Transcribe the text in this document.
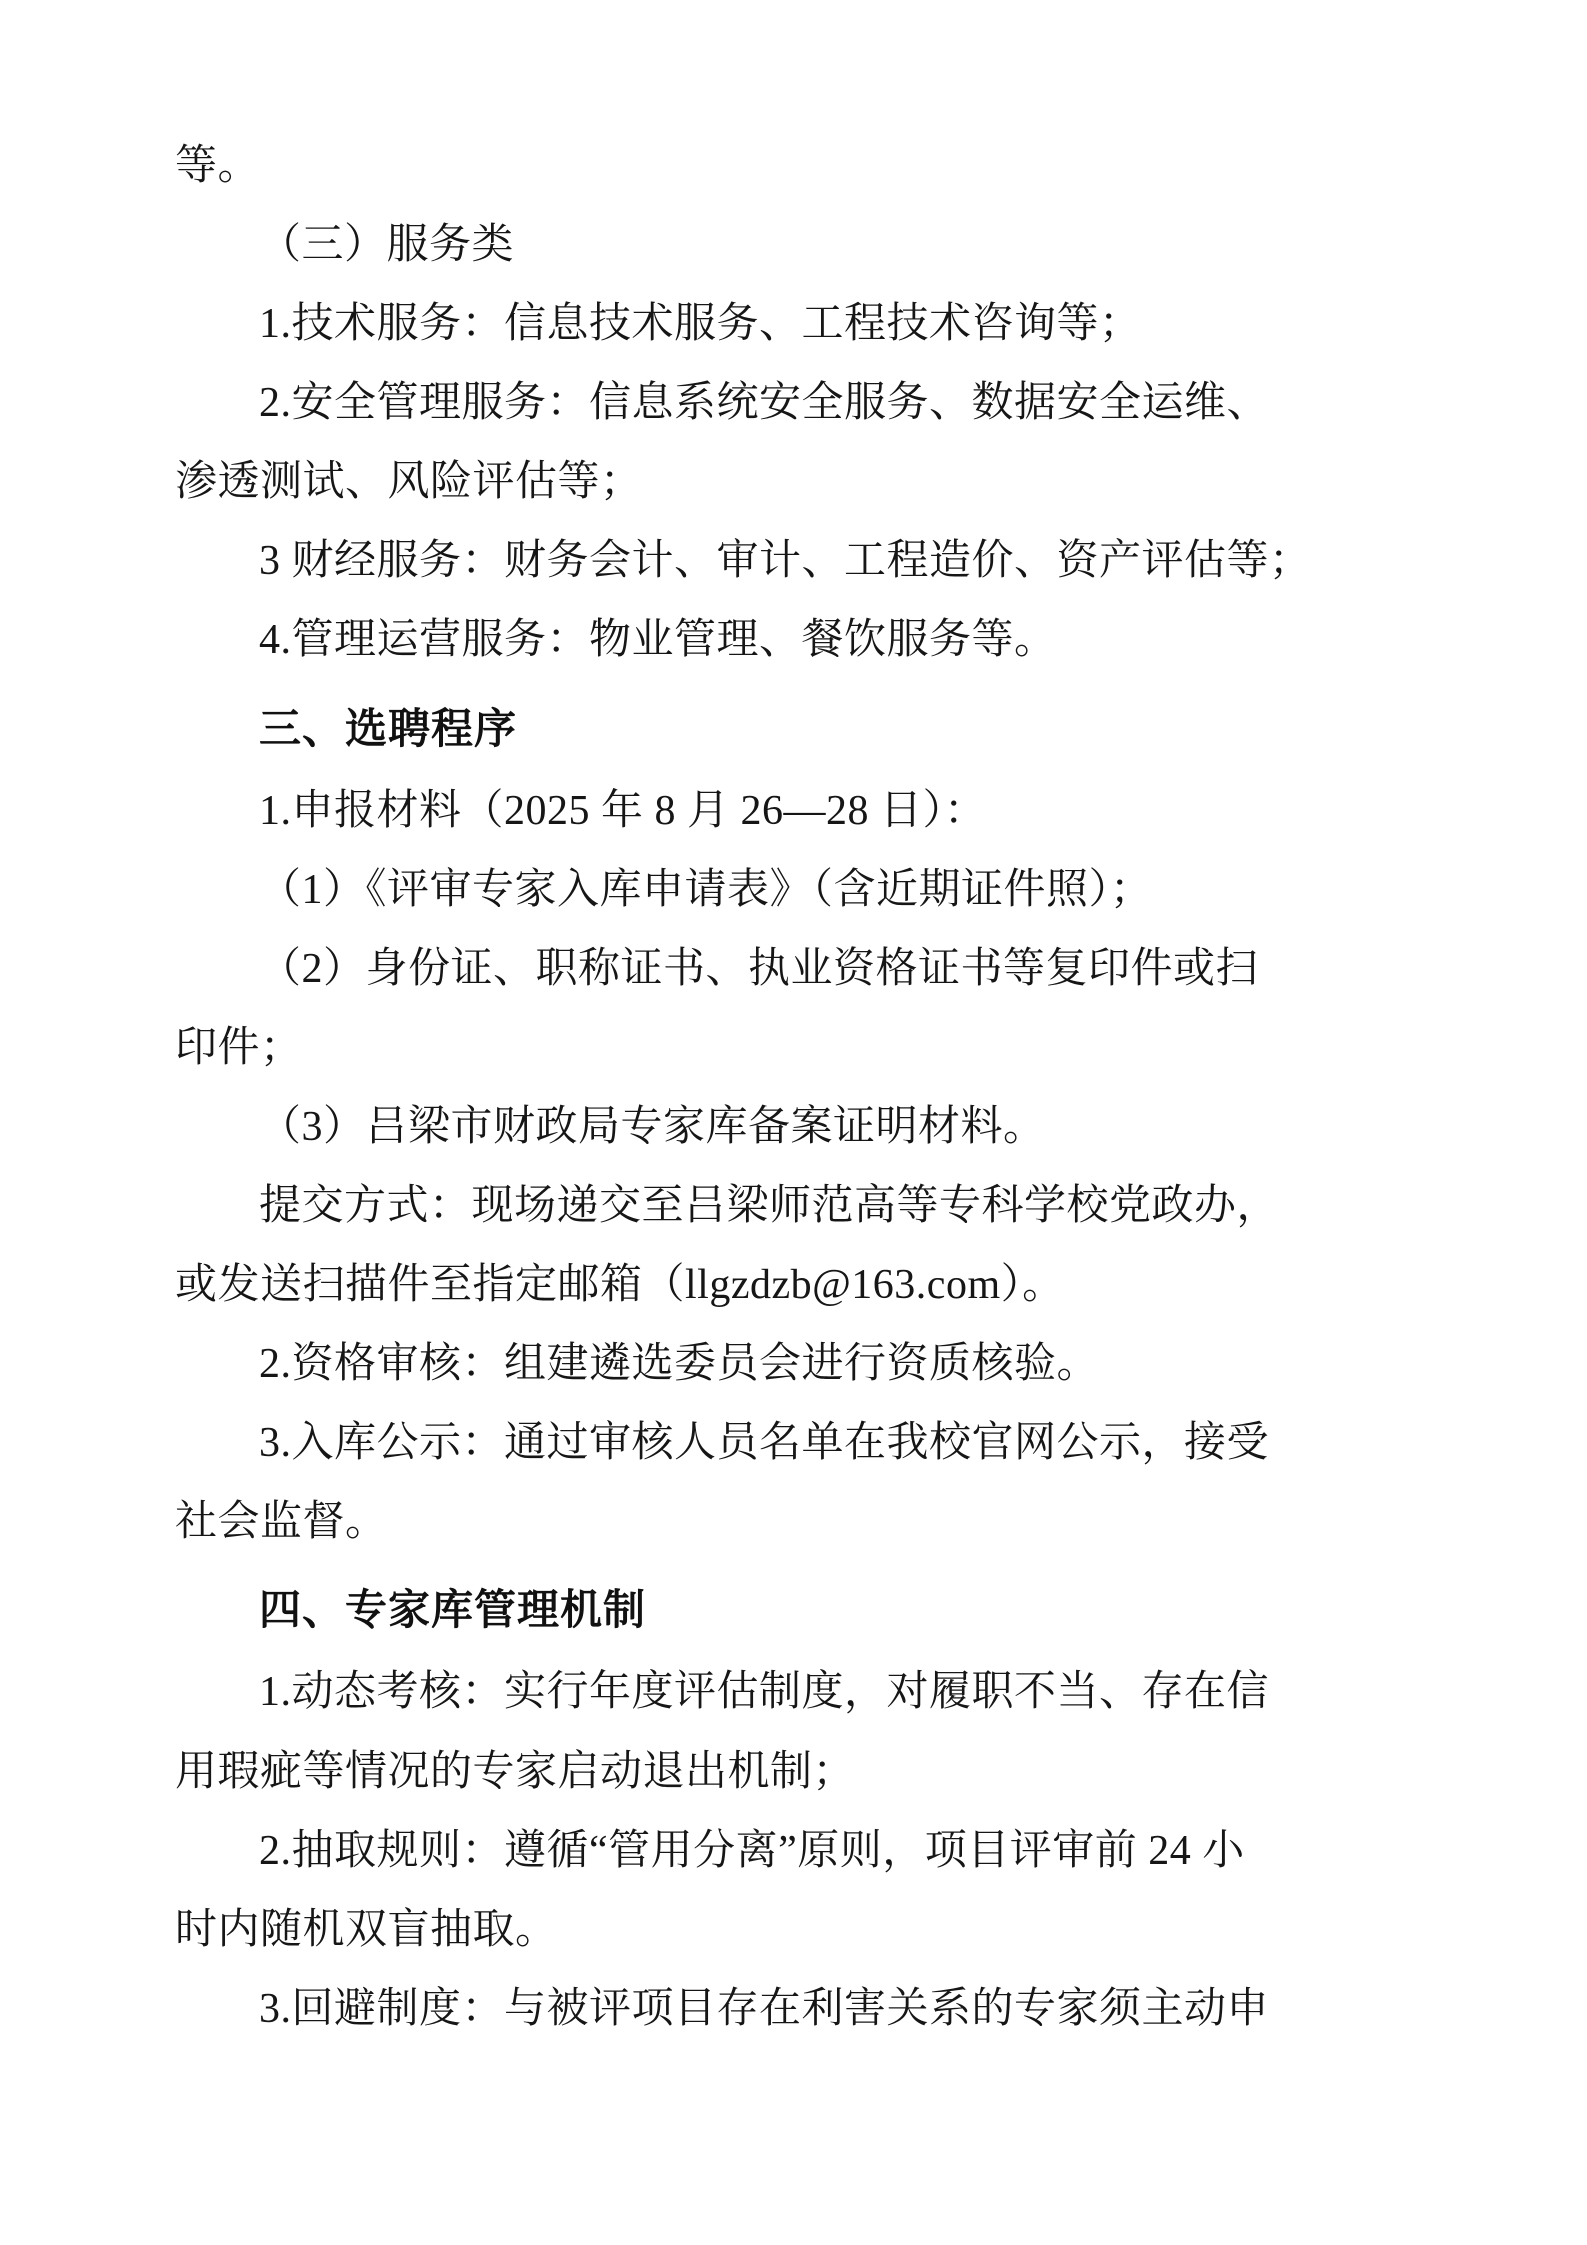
等。

（三）服务类

1.技术服务：信息技术服务、工程技术咨询等；

2.安全管理服务：信息系统安全服务、数据安全运维、

渗透测试、风险评估等；

3 财经服务：财务会计、审计、工程造价、资产评估等；

4.管理运营服务：物业管理、餐饮服务等。

三、选聘程序

1.申报材料（2025 年 8 月 26—28 日）：

（1）《评审专家入库申请表》（含近期证件照）；

（2）身份证、职称证书、执业资格证书等复印件或扫

印件；

（3）吕梁市财政局专家库备案证明材料。

提交方式：现场递交至吕梁师范高等专科学校党政办，

或发送扫描件至指定邮箱（llgzdzb@163.com）。

2.资格审核：组建遴选委员会进行资质核验。

3.入库公示：通过审核人员名单在我校官网公示，接受

社会监督。

四、专家库管理机制

1.动态考核：实行年度评估制度，对履职不当、存在信

用瑕疵等情况的专家启动退出机制；

2.抽取规则：遵循“管用分离”原则，项目评审前 24 小

时内随机双盲抽取。

3.回避制度：与被评项目存在利害关系的专家须主动申
